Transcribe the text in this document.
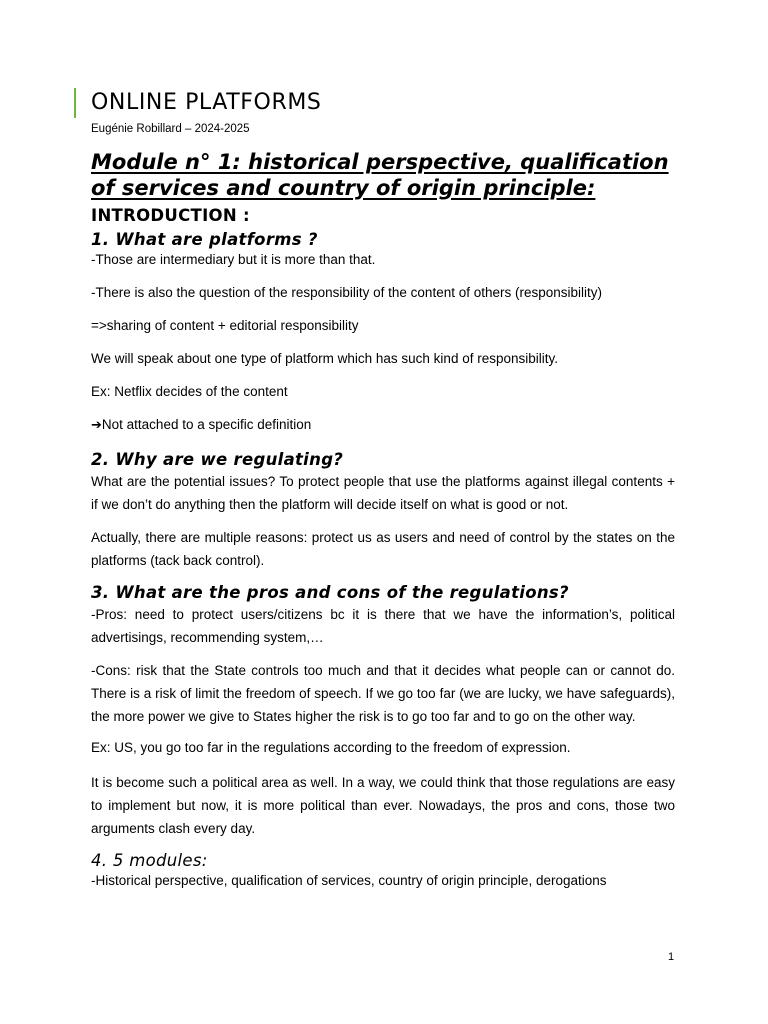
ONLINE PLATFORMS
Eugénie Robillard – 2024-2025
Module n° 1: historical perspective, qualification of services and country of origin principle:
INTRODUCTION :
1. What are platforms ?

-Those are intermediary but it is more than that.

-There is also the question of the responsibility of the content of others (responsibility)

=>sharing of content + editorial responsibility

We will speak about one type of platform which has such kind of responsibility.

Ex: Netflix decides of the content

➔Not attached to a specific definition

2. Why are we regulating?

What are the potential issues? To protect people that use the platforms against illegal contents + if we don’t do anything then the platform will decide itself on what is good or not.

Actually, there are multiple reasons: protect us as users and need of control by the states on the platforms (tack back control).

3. What are the pros and cons of the regulations?

-Pros: need to protect users/citizens bc it is there that we have the information’s, political advertisings, recommending system,…

-Cons: risk that the State controls too much and that it decides what people can or cannot do. There is a risk of limit the freedom of speech. If we go too far (we are lucky, we have safeguards), the more power we give to States higher the risk is to go too far and to go on the other way.

Ex: US, you go too far in the regulations according to the freedom of expression.

It is become such a political area as well. In a way, we could think that those regulations are easy to implement but now, it is more political than ever. Nowadays, the pros and cons, those two arguments clash every day.

4. 5 modules:

-Historical perspective, qualification of services, country of origin principle, derogations

1
